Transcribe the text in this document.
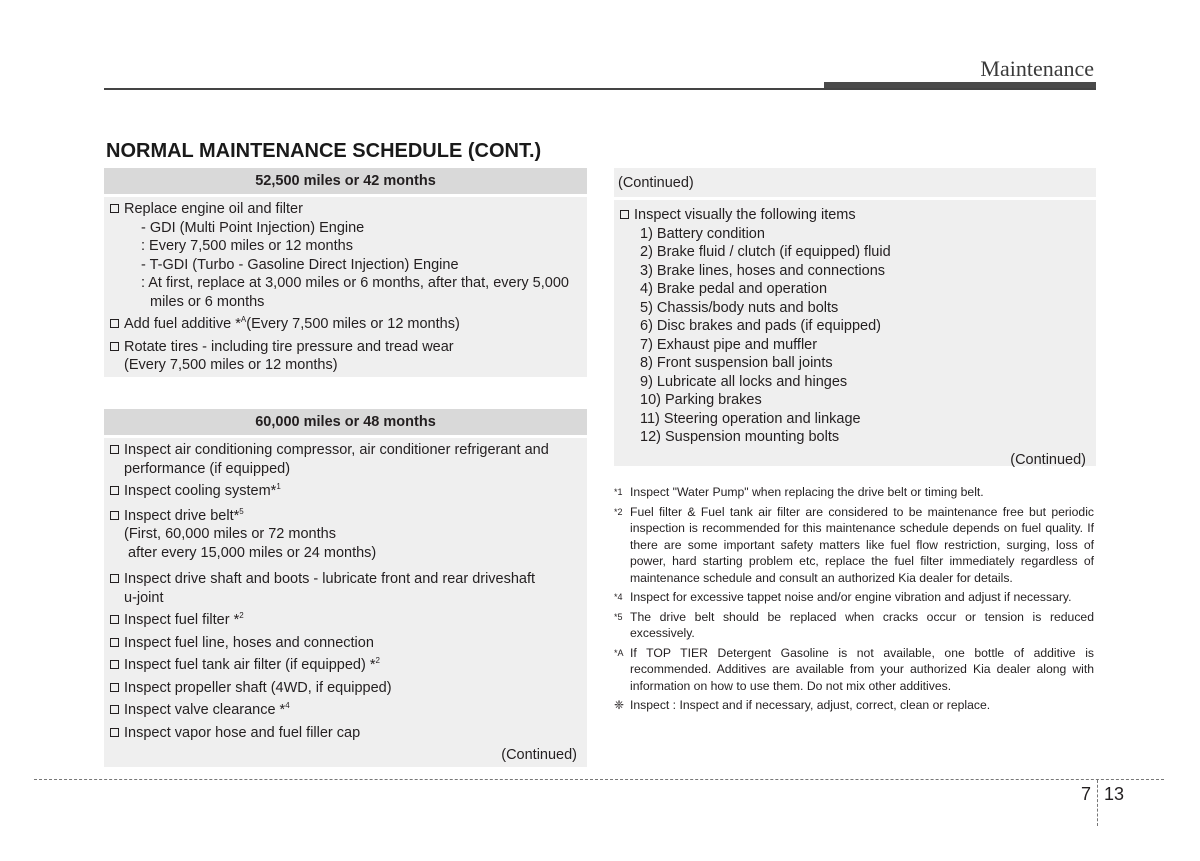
Maintenance
NORMAL MAINTENANCE SCHEDULE (CONT.)
52,500 miles or 42 months
Replace engine oil and filter
- GDI (Multi Point Injection) Engine
: Every 7,500 miles or 12 months
- T-GDI (Turbo - Gasoline Direct Injection) Engine
: At first, replace at 3,000 miles or 6 months, after that, every 5,000
miles or 6 months
Add fuel additive *$^A$(Every 7,500 miles or 12 months)
Rotate tires - including tire pressure and tread wear
(Every 7,500 miles or 12 months)
60,000 miles or 48 months
Inspect air conditioning compressor, air conditioner refrigerant and
performance (if equipped)
Inspect cooling system*$^1$
Inspect drive belt*$^5$
(First, 60,000 miles or 72 months
after every 15,000 miles or 24 months)
Inspect drive shaft and boots - lubricate front and rear driveshaft
u-joint
Inspect fuel filter *$^2$
Inspect fuel line, hoses and connection
Inspect fuel tank air filter (if equipped) *$^2$
Inspect propeller shaft (4WD, if equipped)
Inspect valve clearance *$^4$
Inspect vapor hose and fuel filler cap
(Continued)
(Continued)
Inspect visually the following items
1) Battery condition
2) Brake fluid / clutch (if equipped) fluid
3) Brake lines, hoses and connections
4) Brake pedal and operation
5) Chassis/body nuts and bolts
6) Disc brakes and pads (if equipped)
7) Exhaust pipe and muffler
8) Front suspension ball joints
9) Lubricate all locks and hinges
10) Parking brakes
11) Steering operation and linkage
12) Suspension mounting bolts
(Continued)
*1 Inspect "Water Pump" when replacing the drive belt or timing belt.
*2 Fuel filter & Fuel tank air filter are considered to be maintenance free but periodic inspection is recommended for this maintenance schedule depends on fuel quality. If there are some important safety matters like fuel flow restriction, surging, loss of power, hard starting problem etc, replace the fuel filter immediately regardless of maintenance schedule and consult an authorized Kia dealer for details.
*4 Inspect for excessive tappet noise and/or engine vibration and adjust if necessary.
*5 The drive belt should be replaced when cracks occur or tension is reduced excessively.
*A If TOP TIER Detergent Gasoline is not available, one bottle of additive is recommended. Additives are available from your authorized Kia dealer along with information on how to use them. Do not mix other additives.
❈ Inspect : Inspect and if necessary, adjust, correct, clean or replace.
7 13
